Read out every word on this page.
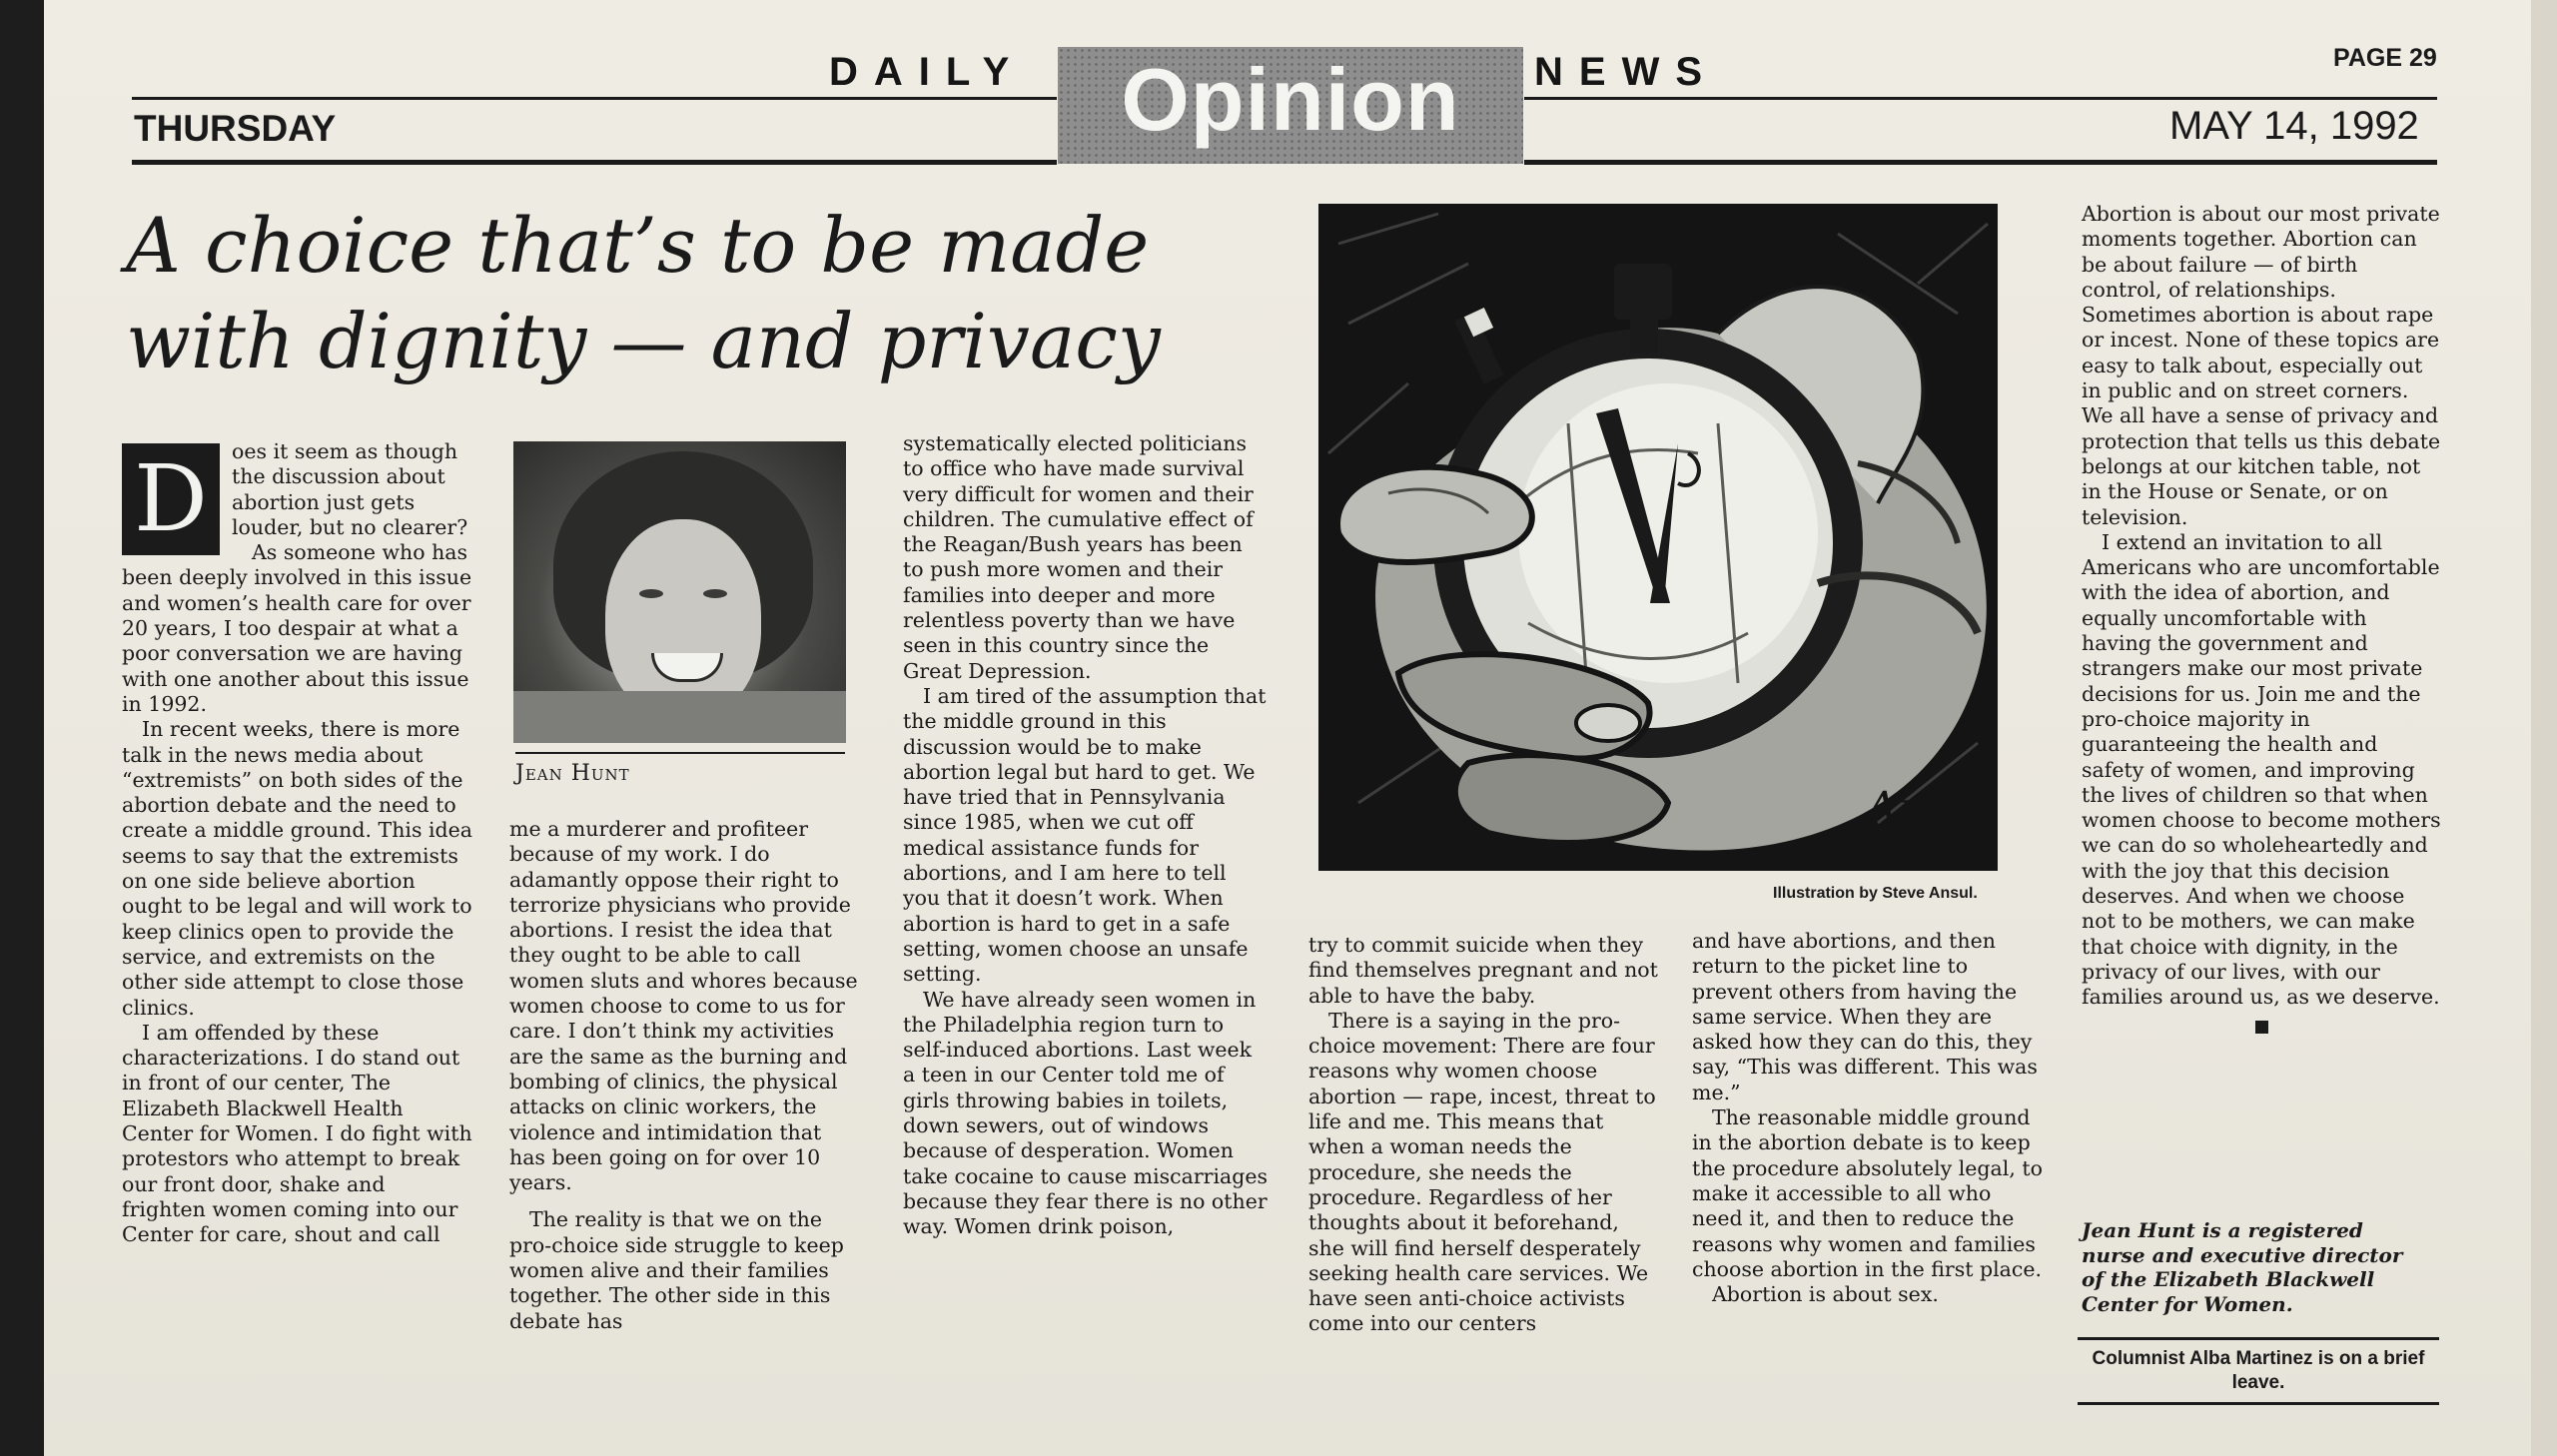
DAILY	Opinion	NEWS	PAGE 29
THURSDAY	MAY 14, 1992
A choice that’s to be made
with dignity — and privacy

D	oes it seem as though the discussion about abortion just gets louder, but no clearer?

As someone who has been deeply involved in this issue and women’s health care for over 20 years, I too despair at what a poor conversation we are having with one another about this issue in 1992.

In recent weeks, there is more talk in the news media about “extremists” on both sides of the abortion debate and the need to create a middle ground. This idea seems to say that the extremists on one side believe abortion ought to be legal and will work to keep clinics open to provide the service, and extremists on the other side attempt to close those clinics.

I am offended by these characterizations. I do stand out in front of our center, The Elizabeth Blackwell Health Center for Women. I do fight with protestors who attempt to break our front door, shake and frighten women coming into our Center for care, shout and call

Jean Hunt

me a murderer and profiteer because of my work. I do adamantly oppose their right to terrorize physicians who provide abortions. I resist the idea that they ought to be able to call women sluts and whores because women choose to come to us for care. I don’t think my activities are the same as the burning and bombing of clinics, the physical attacks on clinic workers, the violence and intimidation that has been going on for over 10 years.

The reality is that we on the pro-choice side struggle to keep women alive and their families together. The other side in this debate has

systematically elected politicians to office who have made survival very difficult for women and their children. The cumulative effect of the Reagan/Bush years has been to push more women and their families into deeper and more relentless poverty than we have seen in this country since the Great Depression.

I am tired of the assumption that the middle ground in this discussion would be to make abortion legal but hard to get. We have tried that in Pennsylvania since 1985, when we cut off medical assistance funds for abortions, and I am here to tell you that it doesn’t work. When abortion is hard to get in a safe setting, women choose an unsafe setting.

We have already seen women in the Philadelphia region turn to self-induced abortions. Last week a teen in our Center told me of girls throwing babies in toilets, down sewers, out of windows because of desperation. Women take cocaine to cause miscarriages because they fear there is no other way. Women drink poison,

Ansul
Illustration by Steve Ansul.

try to commit suicide when they find themselves pregnant and not able to have the baby.

There is a saying in the pro-choice movement: There are four reasons why women choose abortion — rape, incest, threat to life and me. This means that when a woman needs the procedure, she needs the procedure. Regardless of her thoughts about it beforehand, she will find herself desperately seeking health care services. We have seen anti-choice activists come into our centers

and have abortions, and then return to the picket line to prevent others from having the same service. When they are asked how they can do this, they say, “This was different. This was me.”

The reasonable middle ground in the abortion debate is to keep the procedure absolutely legal, to make it accessible to all who need it, and then to reduce the reasons why women and families choose abortion in the first place.

Abortion is about sex.

Abortion is about our most private moments together. Abortion can be about failure — of birth control, of relationships. Sometimes abortion is about rape or incest. None of these topics are easy to talk about, especially out in public and on street corners. We all have a sense of privacy and protection that tells us this debate belongs at our kitchen table, not in the House or Senate, or on television.

I extend an invitation to all Americans who are uncomfortable with the idea of abortion, and equally uncomfortable with having the government and strangers make our most private decisions for us. Join me and the pro-choice majority in guaranteeing the health and safety of women, and improving the lives of children so that when women choose to become mothers we can do so wholeheartedly and with the joy that this decision deserves. And when we choose not to be mothers, we can make that choice with dignity, in the privacy of our lives, with our families around us, as we deserve.

Jean Hunt is a registered nurse and executive director of the Elizabeth Blackwell Center for Women.
Columnist Alba Martinez is on a brief leave.
